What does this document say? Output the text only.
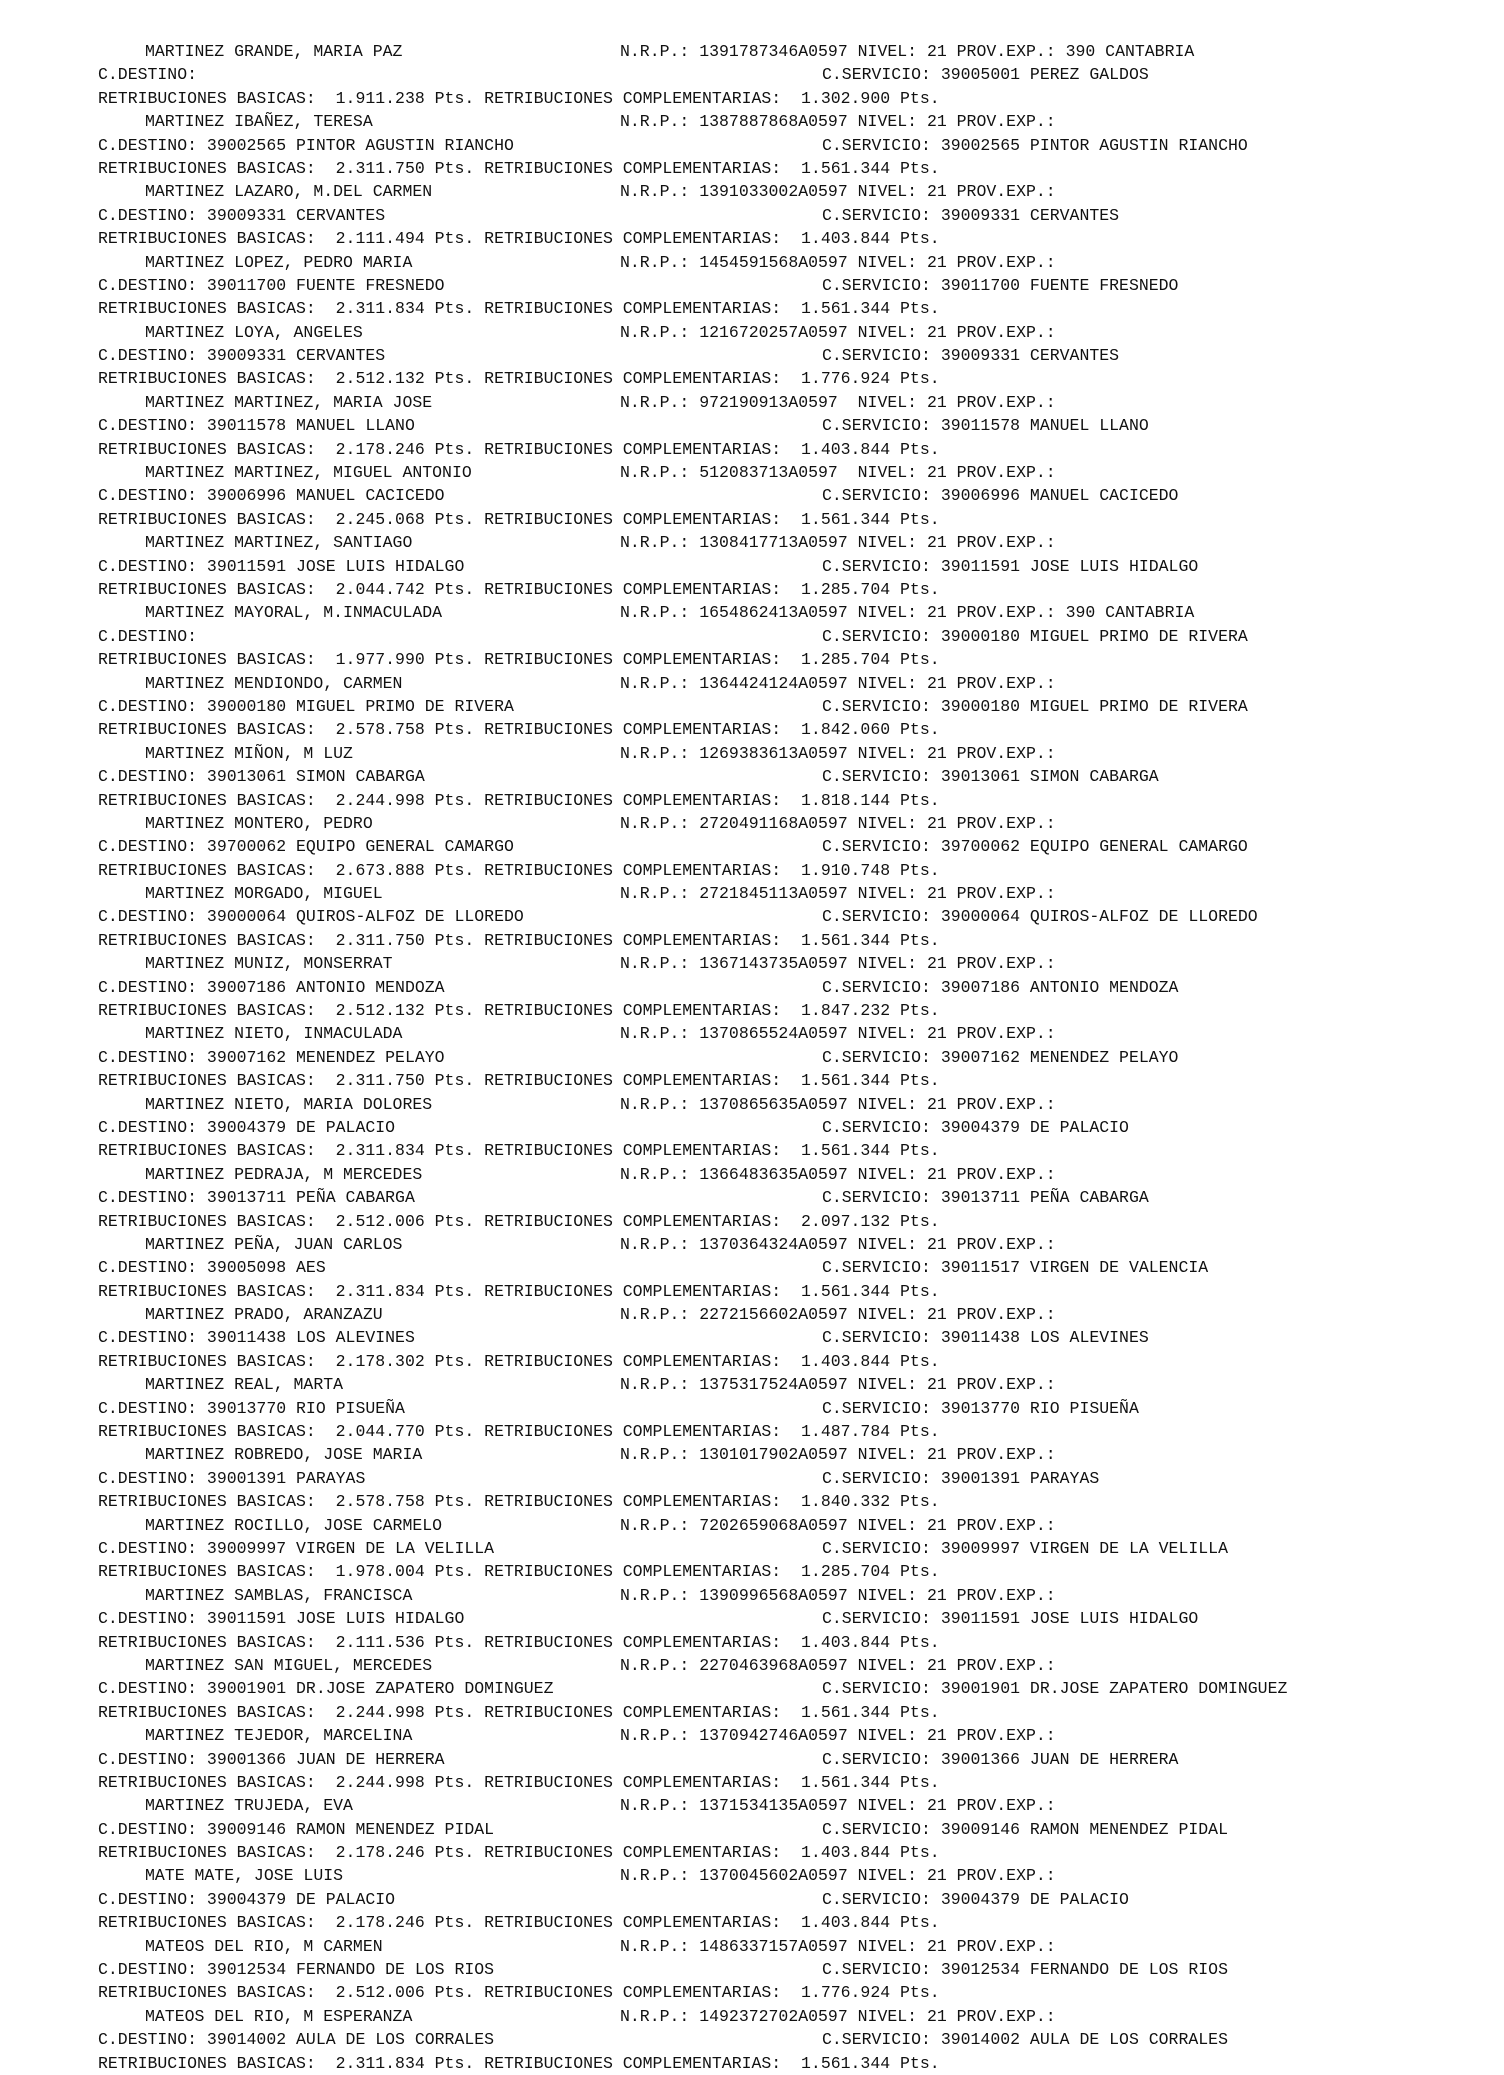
MARTINEZ GRANDE, MARIA PAZ	N.R.P.: 1391787346A0597 NIVEL: 21 PROV.EXP.: 390 CANTABRIA
C.DESTINO:	C.SERVICIO: 39005001 PEREZ GALDOS
RETRIBUCIONES BASICAS:  1.911.238 Pts. RETRIBUCIONES COMPLEMENTARIAS:  1.302.900 Pts.
MARTINEZ IBAÑEZ, TERESA	N.R.P.: 1387887868A0597 NIVEL: 21 PROV.EXP.:
C.DESTINO: 39002565 PINTOR AGUSTIN RIANCHO	C.SERVICIO: 39002565 PINTOR AGUSTIN RIANCHO
RETRIBUCIONES BASICAS:  2.311.750 Pts. RETRIBUCIONES COMPLEMENTARIAS:  1.561.344 Pts.
MARTINEZ LAZARO, M.DEL CARMEN	N.R.P.: 1391033002A0597 NIVEL: 21 PROV.EXP.:
C.DESTINO: 39009331 CERVANTES	C.SERVICIO: 39009331 CERVANTES
RETRIBUCIONES BASICAS:  2.111.494 Pts. RETRIBUCIONES COMPLEMENTARIAS:  1.403.844 Pts.
MARTINEZ LOPEZ, PEDRO MARIA	N.R.P.: 1454591568A0597 NIVEL: 21 PROV.EXP.:
C.DESTINO: 39011700 FUENTE FRESNEDO	C.SERVICIO: 39011700 FUENTE FRESNEDO
RETRIBUCIONES BASICAS:  2.311.834 Pts. RETRIBUCIONES COMPLEMENTARIAS:  1.561.344 Pts.
MARTINEZ LOYA, ANGELES	N.R.P.: 1216720257A0597 NIVEL: 21 PROV.EXP.:
C.DESTINO: 39009331 CERVANTES	C.SERVICIO: 39009331 CERVANTES
RETRIBUCIONES BASICAS:  2.512.132 Pts. RETRIBUCIONES COMPLEMENTARIAS:  1.776.924 Pts.
MARTINEZ MARTINEZ, MARIA JOSE	N.R.P.: 972190913A0597  NIVEL: 21 PROV.EXP.:
C.DESTINO: 39011578 MANUEL LLANO	C.SERVICIO: 39011578 MANUEL LLANO
RETRIBUCIONES BASICAS:  2.178.246 Pts. RETRIBUCIONES COMPLEMENTARIAS:  1.403.844 Pts.
MARTINEZ MARTINEZ, MIGUEL ANTONIO	N.R.P.: 512083713A0597  NIVEL: 21 PROV.EXP.:
C.DESTINO: 39006996 MANUEL CACICEDO	C.SERVICIO: 39006996 MANUEL CACICEDO
RETRIBUCIONES BASICAS:  2.245.068 Pts. RETRIBUCIONES COMPLEMENTARIAS:  1.561.344 Pts.
MARTINEZ MARTINEZ, SANTIAGO	N.R.P.: 1308417713A0597 NIVEL: 21 PROV.EXP.:
C.DESTINO: 39011591 JOSE LUIS HIDALGO	C.SERVICIO: 39011591 JOSE LUIS HIDALGO
RETRIBUCIONES BASICAS:  2.044.742 Pts. RETRIBUCIONES COMPLEMENTARIAS:  1.285.704 Pts.
MARTINEZ MAYORAL, M.INMACULADA	N.R.P.: 1654862413A0597 NIVEL: 21 PROV.EXP.: 390 CANTABRIA
C.DESTINO:	C.SERVICIO: 39000180 MIGUEL PRIMO DE RIVERA
RETRIBUCIONES BASICAS:  1.977.990 Pts. RETRIBUCIONES COMPLEMENTARIAS:  1.285.704 Pts.
MARTINEZ MENDIONDO, CARMEN	N.R.P.: 1364424124A0597 NIVEL: 21 PROV.EXP.:
C.DESTINO: 39000180 MIGUEL PRIMO DE RIVERA	C.SERVICIO: 39000180 MIGUEL PRIMO DE RIVERA
RETRIBUCIONES BASICAS:  2.578.758 Pts. RETRIBUCIONES COMPLEMENTARIAS:  1.842.060 Pts.
MARTINEZ MIÑON, M LUZ	N.R.P.: 1269383613A0597 NIVEL: 21 PROV.EXP.:
C.DESTINO: 39013061 SIMON CABARGA	C.SERVICIO: 39013061 SIMON CABARGA
RETRIBUCIONES BASICAS:  2.244.998 Pts. RETRIBUCIONES COMPLEMENTARIAS:  1.818.144 Pts.
MARTINEZ MONTERO, PEDRO	N.R.P.: 2720491168A0597 NIVEL: 21 PROV.EXP.:
C.DESTINO: 39700062 EQUIPO GENERAL CAMARGO	C.SERVICIO: 39700062 EQUIPO GENERAL CAMARGO
RETRIBUCIONES BASICAS:  2.673.888 Pts. RETRIBUCIONES COMPLEMENTARIAS:  1.910.748 Pts.
MARTINEZ MORGADO, MIGUEL	N.R.P.: 2721845113A0597 NIVEL: 21 PROV.EXP.:
C.DESTINO: 39000064 QUIROS-ALFOZ DE LLOREDO	C.SERVICIO: 39000064 QUIROS-ALFOZ DE LLOREDO
RETRIBUCIONES BASICAS:  2.311.750 Pts. RETRIBUCIONES COMPLEMENTARIAS:  1.561.344 Pts.
MARTINEZ MUNIZ, MONSERRAT	N.R.P.: 1367143735A0597 NIVEL: 21 PROV.EXP.:
C.DESTINO: 39007186 ANTONIO MENDOZA	C.SERVICIO: 39007186 ANTONIO MENDOZA
RETRIBUCIONES BASICAS:  2.512.132 Pts. RETRIBUCIONES COMPLEMENTARIAS:  1.847.232 Pts.
MARTINEZ NIETO, INMACULADA	N.R.P.: 1370865524A0597 NIVEL: 21 PROV.EXP.:
C.DESTINO: 39007162 MENENDEZ PELAYO	C.SERVICIO: 39007162 MENENDEZ PELAYO
RETRIBUCIONES BASICAS:  2.311.750 Pts. RETRIBUCIONES COMPLEMENTARIAS:  1.561.344 Pts.
MARTINEZ NIETO, MARIA DOLORES	N.R.P.: 1370865635A0597 NIVEL: 21 PROV.EXP.:
C.DESTINO: 39004379 DE PALACIO	C.SERVICIO: 39004379 DE PALACIO
RETRIBUCIONES BASICAS:  2.311.834 Pts. RETRIBUCIONES COMPLEMENTARIAS:  1.561.344 Pts.
MARTINEZ PEDRAJA, M MERCEDES	N.R.P.: 1366483635A0597 NIVEL: 21 PROV.EXP.:
C.DESTINO: 39013711 PEÑA CABARGA	C.SERVICIO: 39013711 PEÑA CABARGA
RETRIBUCIONES BASICAS:  2.512.006 Pts. RETRIBUCIONES COMPLEMENTARIAS:  2.097.132 Pts.
MARTINEZ PEÑA, JUAN CARLOS	N.R.P.: 1370364324A0597 NIVEL: 21 PROV.EXP.:
C.DESTINO: 39005098 AES	C.SERVICIO: 39011517 VIRGEN DE VALENCIA
RETRIBUCIONES BASICAS:  2.311.834 Pts. RETRIBUCIONES COMPLEMENTARIAS:  1.561.344 Pts.
MARTINEZ PRADO, ARANZAZU	N.R.P.: 2272156602A0597 NIVEL: 21 PROV.EXP.:
C.DESTINO: 39011438 LOS ALEVINES	C.SERVICIO: 39011438 LOS ALEVINES
RETRIBUCIONES BASICAS:  2.178.302 Pts. RETRIBUCIONES COMPLEMENTARIAS:  1.403.844 Pts.
MARTINEZ REAL, MARTA	N.R.P.: 1375317524A0597 NIVEL: 21 PROV.EXP.:
C.DESTINO: 39013770 RIO PISUEÑA	C.SERVICIO: 39013770 RIO PISUEÑA
RETRIBUCIONES BASICAS:  2.044.770 Pts. RETRIBUCIONES COMPLEMENTARIAS:  1.487.784 Pts.
MARTINEZ ROBREDO, JOSE MARIA	N.R.P.: 1301017902A0597 NIVEL: 21 PROV.EXP.:
C.DESTINO: 39001391 PARAYAS	C.SERVICIO: 39001391 PARAYAS
RETRIBUCIONES BASICAS:  2.578.758 Pts. RETRIBUCIONES COMPLEMENTARIAS:  1.840.332 Pts.
MARTINEZ ROCILLO, JOSE CARMELO	N.R.P.: 7202659068A0597 NIVEL: 21 PROV.EXP.:
C.DESTINO: 39009997 VIRGEN DE LA VELILLA	C.SERVICIO: 39009997 VIRGEN DE LA VELILLA
RETRIBUCIONES BASICAS:  1.978.004 Pts. RETRIBUCIONES COMPLEMENTARIAS:  1.285.704 Pts.
MARTINEZ SAMBLAS, FRANCISCA	N.R.P.: 1390996568A0597 NIVEL: 21 PROV.EXP.:
C.DESTINO: 39011591 JOSE LUIS HIDALGO	C.SERVICIO: 39011591 JOSE LUIS HIDALGO
RETRIBUCIONES BASICAS:  2.111.536 Pts. RETRIBUCIONES COMPLEMENTARIAS:  1.403.844 Pts.
MARTINEZ SAN MIGUEL, MERCEDES	N.R.P.: 2270463968A0597 NIVEL: 21 PROV.EXP.:
C.DESTINO: 39001901 DR.JOSE ZAPATERO DOMINGUEZ	C.SERVICIO: 39001901 DR.JOSE ZAPATERO DOMINGUEZ
RETRIBUCIONES BASICAS:  2.244.998 Pts. RETRIBUCIONES COMPLEMENTARIAS:  1.561.344 Pts.
MARTINEZ TEJEDOR, MARCELINA	N.R.P.: 1370942746A0597 NIVEL: 21 PROV.EXP.:
C.DESTINO: 39001366 JUAN DE HERRERA	C.SERVICIO: 39001366 JUAN DE HERRERA
RETRIBUCIONES BASICAS:  2.244.998 Pts. RETRIBUCIONES COMPLEMENTARIAS:  1.561.344 Pts.
MARTINEZ TRUJEDA, EVA	N.R.P.: 1371534135A0597 NIVEL: 21 PROV.EXP.:
C.DESTINO: 39009146 RAMON MENENDEZ PIDAL	C.SERVICIO: 39009146 RAMON MENENDEZ PIDAL
RETRIBUCIONES BASICAS:  2.178.246 Pts. RETRIBUCIONES COMPLEMENTARIAS:  1.403.844 Pts.
MATE MATE, JOSE LUIS	N.R.P.: 1370045602A0597 NIVEL: 21 PROV.EXP.:
C.DESTINO: 39004379 DE PALACIO	C.SERVICIO: 39004379 DE PALACIO
RETRIBUCIONES BASICAS:  2.178.246 Pts. RETRIBUCIONES COMPLEMENTARIAS:  1.403.844 Pts.
MATEOS DEL RIO, M CARMEN	N.R.P.: 1486337157A0597 NIVEL: 21 PROV.EXP.:
C.DESTINO: 39012534 FERNANDO DE LOS RIOS	C.SERVICIO: 39012534 FERNANDO DE LOS RIOS
RETRIBUCIONES BASICAS:  2.512.006 Pts. RETRIBUCIONES COMPLEMENTARIAS:  1.776.924 Pts.
MATEOS DEL RIO, M ESPERANZA	N.R.P.: 1492372702A0597 NIVEL: 21 PROV.EXP.:
C.DESTINO: 39014002 AULA DE LOS CORRALES	C.SERVICIO: 39014002 AULA DE LOS CORRALES
RETRIBUCIONES BASICAS:  2.311.834 Pts. RETRIBUCIONES COMPLEMENTARIAS:  1.561.344 Pts.
